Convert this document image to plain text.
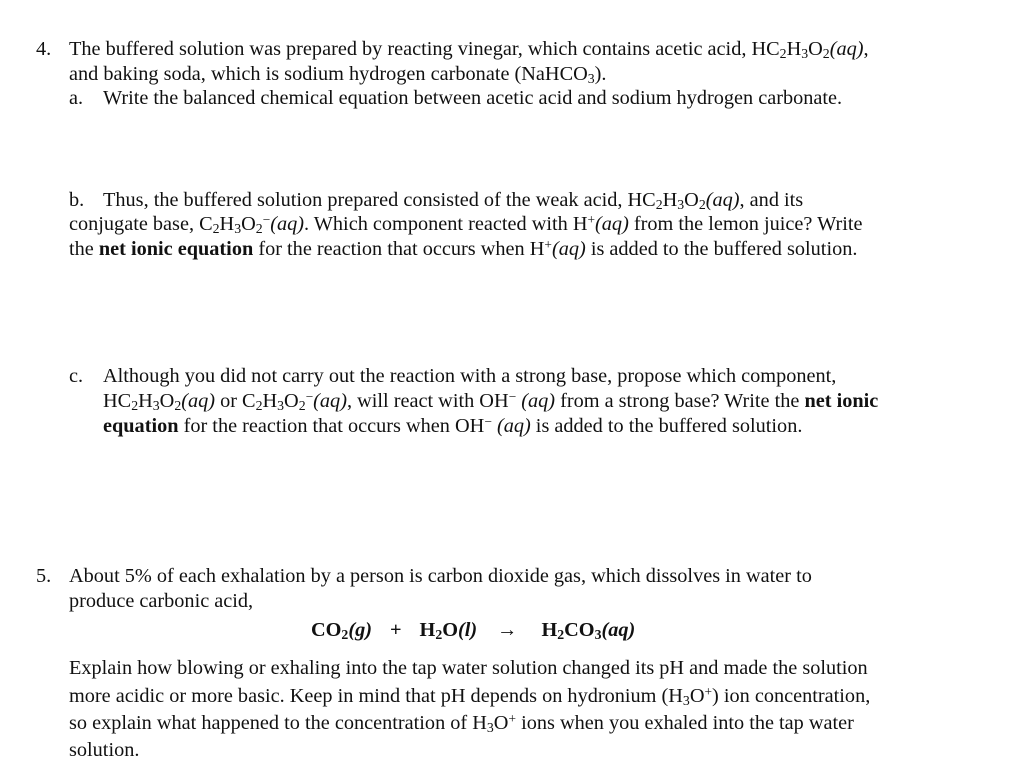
4. The buffered solution was prepared by reacting vinegar, which contains acetic acid, $HC_2H_3O_2(aq)$,
and baking soda, which is sodium hydrogen carbonate (NaHCO$_3$).
a. Write the balanced chemical equation between acetic acid and sodium hydrogen carbonate.
b. Thus, the buffered solution prepared consisted of the weak acid, $HC_2H_3O_2(aq)$, and its
conjugate base, $C_2H_3O_2^-(aq)$. Which component reacted with H+(aq) from the lemon juice? Write
the net ionic equation for the reaction that occurs when H+(aq) is added to the buffered solution.
c. Although you did not carry out the reaction with a strong base, propose which component,
$HC_2H_3O_2(aq)$ or $C_2H_3O_2^-(aq)$, will react with OH− (aq) from a strong base? Write the net ionic
equation for the reaction that occurs when OH− (aq) is added to the buffered solution.
5. About 5% of each exhalation by a person is carbon dioxide gas, which dissolves in water to
produce carbonic acid,
$CO_2(g) + H_2O(l) \to H_2CO_3(aq)$
Explain how blowing or exhaling into the tap water solution changed its pH and made the solution
more acidic or more basic. Keep in mind that pH depends on hydronium $(H_3O^+)$ ion concentration,
so explain what happened to the concentration of $H_3O^+$ ions when you exhaled into the tap water
solution.
